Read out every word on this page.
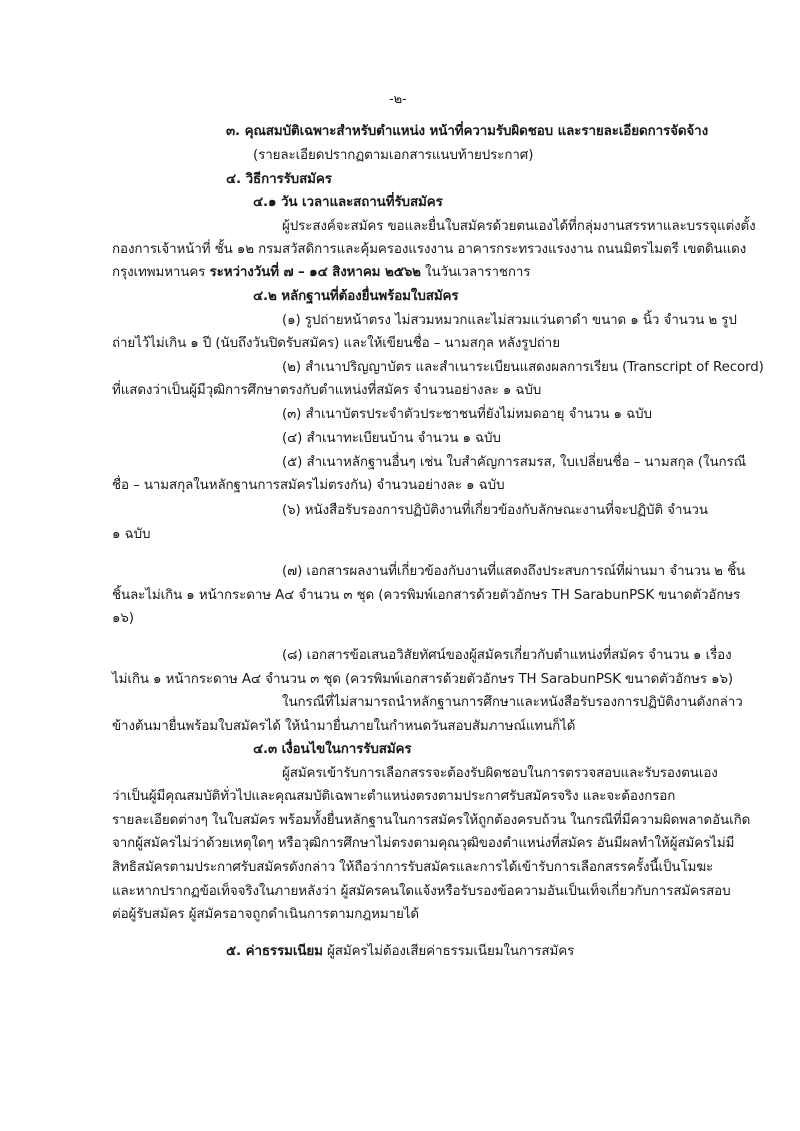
-๒-
๓. คุณสมบัติเฉพาะสำหรับตำแหน่ง หน้าที่ความรับผิดชอบ และรายละเอียดการจัดจ้าง
(รายละเอียดปรากฏตามเอกสารแนบท้ายประกาศ)
๔. วิธีการรับสมัคร
๔.๑ วัน เวลาและสถานที่รับสมัคร
ผู้ประสงค์จะสมัคร ขอและยื่นใบสมัครด้วยตนเองได้ที่กลุ่มงานสรรหาและบรรจุแต่งตั้ง
กองการเจ้าหน้าที่ ชั้น ๑๒ กรมสวัสดิการและคุ้มครองแรงงาน อาคารกระทรวงแรงงาน ถนนมิตรไมตรี เขตดินแดง
กรุงเทพมหานคร ระหว่างวันที่ ๗ – ๑๔ สิงหาคม ๒๕๖๒ ในวันเวลาราชการ
๔.๒ หลักฐานที่ต้องยื่นพร้อมใบสมัคร
(๑) รูปถ่ายหน้าตรง ไม่สวมหมวกและไม่สวมแว่นตาดำ ขนาด ๑ นิ้ว จำนวน ๒ รูป
ถ่ายไว้ไม่เกิน ๑ ปี (นับถึงวันปิดรับสมัคร) และให้เขียนชื่อ – นามสกุล หลังรูปถ่าย
(๒) สำเนาปริญญาบัตร และสำเนาระเบียนแสดงผลการเรียน (Transcript of Record)
ที่แสดงว่าเป็นผู้มีวุฒิการศึกษาตรงกับตำแหน่งที่สมัคร จำนวนอย่างละ ๑ ฉบับ
(๓) สำเนาบัตรประจำตัวประชาชนที่ยังไม่หมดอายุ จำนวน ๑ ฉบับ
(๔) สำเนาทะเบียนบ้าน จำนวน ๑ ฉบับ
(๕) สำเนาหลักฐานอื่นๆ เช่น ใบสำคัญการสมรส, ใบเปลี่ยนชื่อ – นามสกุล (ในกรณี
ชื่อ – นามสกุลในหลักฐานการสมัครไม่ตรงกัน) จำนวนอย่างละ ๑ ฉบับ
(๖) หนังสือรับรองการปฏิบัติงานที่เกี่ยวข้องกับลักษณะงานที่จะปฏิบัติ จำนวน
๑ ฉบับ
(๗) เอกสารผลงานที่เกี่ยวข้องกับงานที่แสดงถึงประสบการณ์ที่ผ่านมา จำนวน ๒ ชิ้น
ชิ้นละไม่เกิน ๑ หน้ากระดาษ A๔ จำนวน ๓ ชุด (ควรพิมพ์เอกสารด้วยตัวอักษร TH SarabunPSK ขนาดตัวอักษร
๑๖)
(๘) เอกสารข้อเสนอวิสัยทัศน์ของผู้สมัครเกี่ยวกับตำแหน่งที่สมัคร จำนวน ๑ เรื่อง
ไม่เกิน ๑ หน้ากระดาษ A๔ จำนวน ๓ ชุด (ควรพิมพ์เอกสารด้วยตัวอักษร TH SarabunPSK ขนาดตัวอักษร ๑๖)
ในกรณีที่ไม่สามารถนำหลักฐานการศึกษาและหนังสือรับรองการปฏิบัติงานดังกล่าว
ข้างต้นมายื่นพร้อมใบสมัครได้ ให้นำมายื่นภายในกำหนดวันสอบสัมภาษณ์แทนก็ได้
๔.๓ เงื่อนไขในการรับสมัคร
ผู้สมัครเข้ารับการเลือกสรรจะต้องรับผิดชอบในการตรวจสอบและรับรองตนเอง
ว่าเป็นผู้มีคุณสมบัติทั่วไปและคุณสมบัติเฉพาะตำแหน่งตรงตามประกาศรับสมัครจริง และจะต้องกรอก
รายละเอียดต่างๆ ในใบสมัคร พร้อมทั้งยื่นหลักฐานในการสมัครให้ถูกต้องครบถ้วน ในกรณีที่มีความผิดพลาดอันเกิด
จากผู้สมัครไม่ว่าด้วยเหตุใดๆ หรือวุฒิการศึกษาไม่ตรงตามคุณวุฒิของตำแหน่งที่สมัคร อันมีผลทำให้ผู้สมัครไม่มี
สิทธิสมัครตามประกาศรับสมัครดังกล่าว ให้ถือว่าการรับสมัครและการได้เข้ารับการเลือกสรรครั้งนี้เป็นโมฆะ
และหากปรากฏข้อเท็จจริงในภายหลังว่า ผู้สมัครคนใดแจ้งหรือรับรองข้อความอันเป็นเท็จเกี่ยวกับการสมัครสอบ
ต่อผู้รับสมัคร ผู้สมัครอาจถูกดำเนินการตามกฎหมายได้
๕. ค่าธรรมเนียม ผู้สมัครไม่ต้องเสียค่าธรรมเนียมในการสมัคร
